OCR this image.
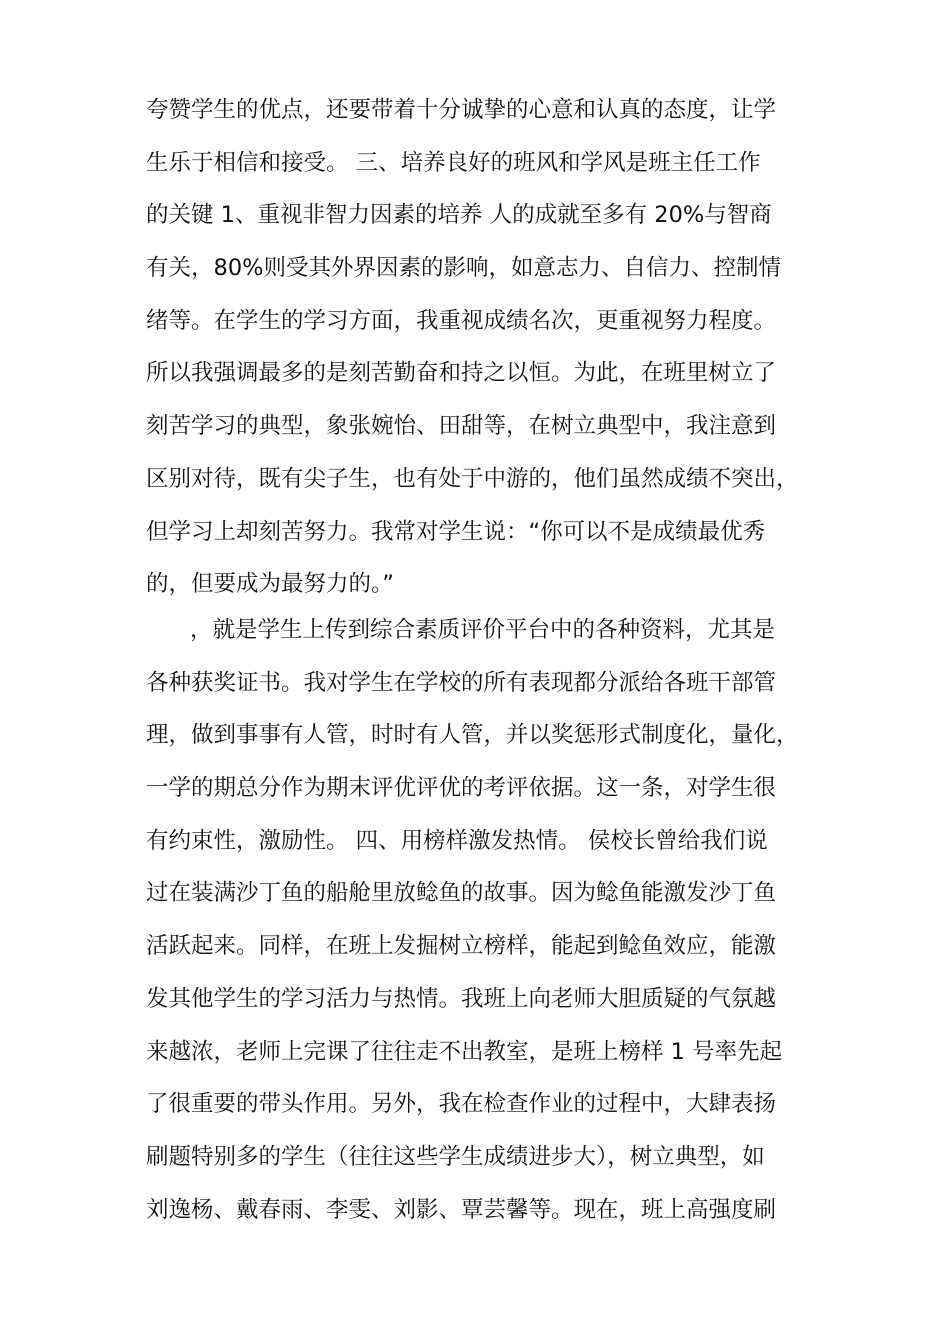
夸赞学生的优点，还要带着十分诚挚的心意和认真的态度，让学
生乐于相信和接受。 三、培养良好的班风和学风是班主任工作
的关键 1、重视非智力因素的培养 人的成就至多有 20%与智商
有关，80%则受其外界因素的影响，如意志力、自信力、控制情
绪等。在学生的学习方面，我重视成绩名次，更重视努力程度。
所以我强调最多的是刻苦勤奋和持之以恒。为此，在班里树立了
刻苦学习的典型，象张婉怡、田甜等，在树立典型中，我注意到
区别对待，既有尖子生，也有处于中游的，他们虽然成绩不突出，
但学习上却刻苦努力。我常对学生说：“你可以不是成绩最优秀
的，但要成为最努力的。”
，就是学生上传到综合素质评价平台中的各种资料，尤其是
各种获奖证书。我对学生在学校的所有表现都分派给各班干部管
理，做到事事有人管，时时有人管，并以奖惩形式制度化，量化，
一学的期总分作为期末评优评优的考评依据。这一条，对学生很
有约束性，激励性。 四、用榜样激发热情。 侯校长曾给我们说
过在装满沙丁鱼的船舱里放鲶鱼的故事。因为鲶鱼能激发沙丁鱼
活跃起来。同样，在班上发掘树立榜样，能起到鲶鱼效应，能激
发其他学生的学习活力与热情。我班上向老师大胆质疑的气氛越
来越浓，老师上完课了往往走不出教室，是班上榜样 1 号率先起
了很重要的带头作用。另外，我在检查作业的过程中，大肆表扬
刷题特别多的学生（往往这些学生成绩进步大），树立典型，如
刘逸杨、戴春雨、李雯、刘影、覃芸馨等。现在，班上高强度刷
